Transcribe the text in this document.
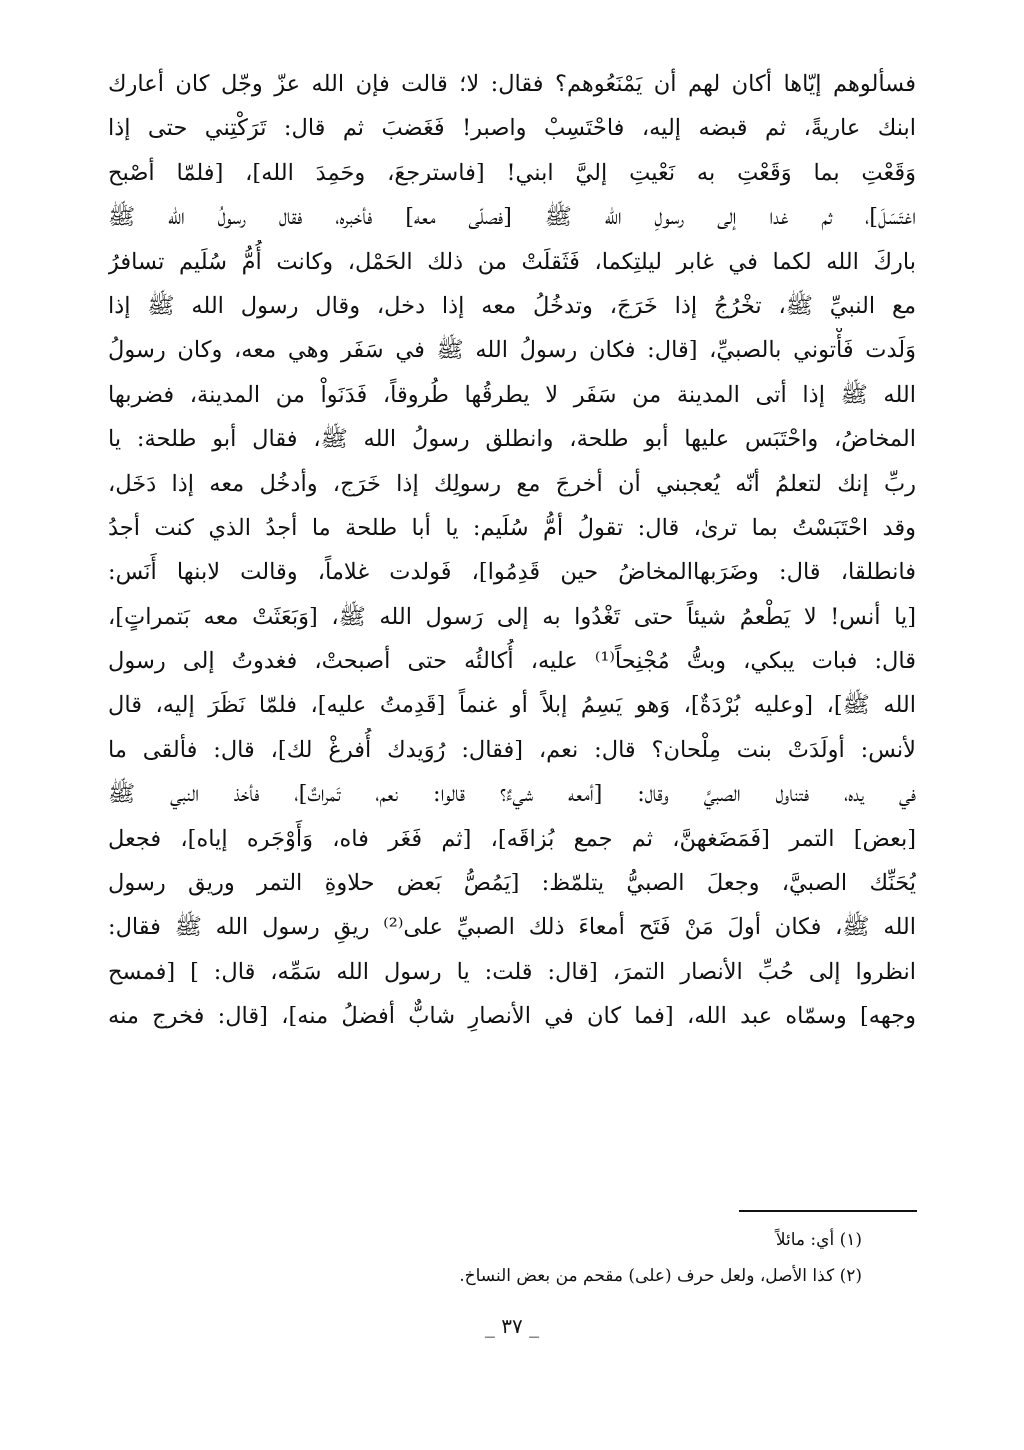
فسألوهم إيّاها أكان لهم أن يَمْنَعُوهم؟ فقال: لا؛ قالت فإن الله عزّ وجّل كان أعارك
ابنك عاريةً، ثم قبضه إليه، فاحْتَسِبْ واصبر! فَغَضبَ ثم قال: تَرَكْتِني حتى إذا
وَقَعْتِ بما وَقَعْتِ به نَعْيتِ إليَّ ابني! [فاسترجعَ، وحَمِدَ الله]، [فلمّا أصْبح
اغتَسَلَ]، ثم غدا إلى رسولِ الله ﷺ [فصلّى معه] فأخبره، فقال رسولُ الله ﷺ
باركَ الله لكما في غابر ليلتِكما، فَثَقلَتْ من ذلك الحَمْل، وكانت أُمُّ سُلَيم تسافرُ
مع النبيِّ ﷺ، تخْرُجُ إذا خَرَجَ، وتدخُلُ معه إذا دخل، وقال رسول الله ﷺ إذا
وَلَدت فَأْتوني بالصبيِّ، [قال: فكان رسولُ الله ﷺ في سَفَر وهي معه، وكان رسولُ
الله ﷺ إذا أتى المدينة من سَفَر لا يطرقُها طُروقاً، فَدَنَواْ من المدينة، فضربها
المخاضُ، واحْتَبَس عليها أبو طلحة، وانطلق رسولُ الله ﷺ، فقال أبو طلحة: يا
ربِّ إنك لتعلمُ أنّه يُعجبني أن أخرجَ مع رسولِك إذا خَرَج، وأدخُل معه إذا دَخَل،
وقد احْتَبَسْتُ بما ترىٰ، قال: تقولُ أمُّ سُلَيم: يا أبا طلحة ما أجدُ الذي كنت أجدُ
فانطلقا، قال: وضَرَبهاالمخاضُ حين قَدِمُوا]، فَولدت غلاماً، وقالت لابنها أَنَس:
[يا أنس! لا يَطْعمُ شيئاً حتى تَغْدُوا به إلى رَسول الله ﷺ، [وَبَعَثَتْ معه بَتمراتٍ]،
قال: فبات يبكي، وبتُّ مُجْنِحاً⁽¹⁾ عليه، أُكالئُه حتى أصبحتْ، فغدوتُ إلى رسول
الله ﷺ]، [وعليه بُرْدَةٌ]، وَهو يَسِمُ إبلاً أو غنماً [قَدِمتُ عليه]، فلمّا نَظَرَ إليه، قال
لأنس: أولَدَتْ بنت مِلْحان؟ قال: نعم، [فقال: رُوَيدك أُفرغْ لك]، قال: فألقى ما
في يده، فتناول الصبيَّ وقال: [أمعه شيءٌ؟ قالوا: نعم، تَمراتٌ]، فأخذ النبي ﷺ
[بعض] التمر [فَمَضَغهنَّ، ثم جمع بُزاقَه]، [ثم فَغَر فاه، وَأَوْجَره إياه]، فجعل
يُحَنِّك الصبيَّ، وجعلَ الصبيُّ يتلمّظ: [يَمُصُّ بَعض حلاوةِ التمر وريق رسول
الله ﷺ، فكان أولَ مَنْ فَتَح أمعاءَ ذلك الصبيِّ على⁽²⁾ ريقِ رسول الله ﷺ فقال:
انظروا إلى حُبِّ الأنصار التمرَ، [قال: قلت: يا رسول الله سَمِّه، قال: ] [فمسح
وجهه] وسمّاه عبد الله، [فما كان في الأنصارِ شابٌّ أفضلُ منه]، [قال: فخرج منه
(١) أي: مائلاً
(٢) كذا الأصل، ولعل حرف (على) مقحم من بعض النساخ.
_ ٣٧ _
